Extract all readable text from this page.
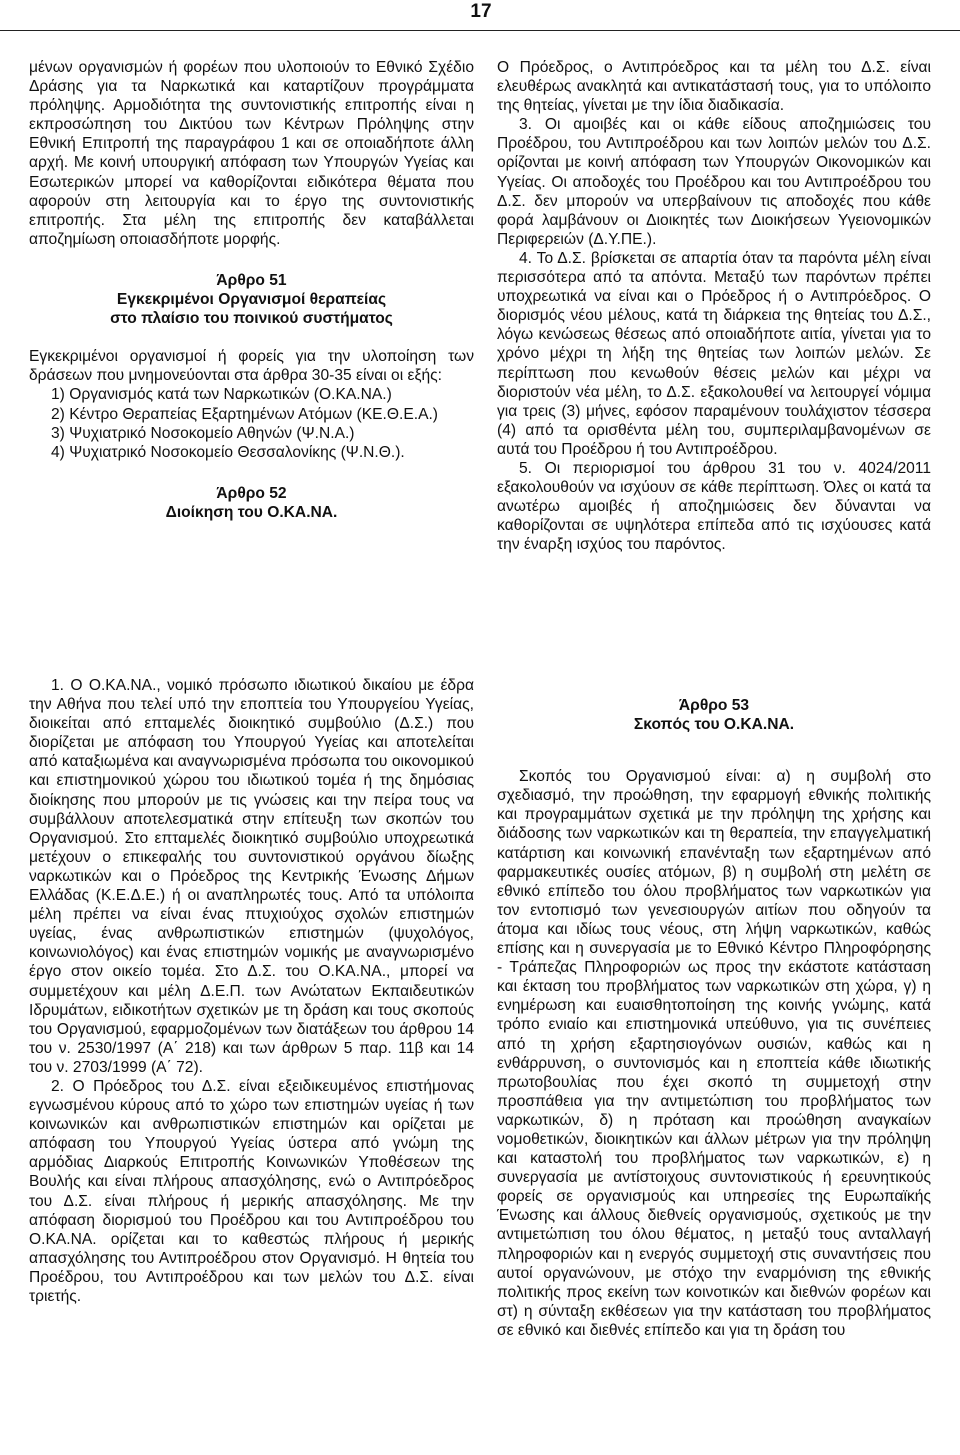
17

μένων οργανισμών ή φορέων που υλοποιούν το Εθνικό Σχέδιο Δράσης για τα Ναρκωτικά και καταρτίζουν προγράμματα πρόληψης. Αρμοδιότητα της συντονιστικής επιτροπής είναι η εκπροσώπηση του Δικτύου των Κέντρων Πρόληψης στην Εθνική Επιτροπή της παραγράφου 1 και σε οποιαδήποτε άλλη αρχή. Με κοινή υπουργική απόφαση των Υπουργών Υγείας και Εσωτερικών μπορεί να καθορίζονται ειδικότερα θέματα που αφορούν στη λειτουργία και το έργο της συντονιστικής επιτροπής. Στα μέλη της επιτροπής δεν καταβάλλεται αποζημίωση οποιασδήποτε μορφής.

Άρθρο 51

Εγκεκριμένοι Οργανισμοί θεραπείας

στο πλαίσιο του ποινικού συστήματος

Εγκεκριμένοι οργανισμοί ή φορείς για την υλοποίηση των δράσεων που μνημονεύονται στα άρθρα 30-35 είναι οι εξής:

1) Οργανισμός κατά των Ναρκωτικών (Ο.ΚΑ.ΝΑ.)

2) Κέντρο Θεραπείας Εξαρτημένων Ατόμων (ΚΕ.Θ.Ε.Α.)

3) Ψυχιατρικό Νοσοκομείο Αθηνών (Ψ.Ν.Α.)

4) Ψυχιατρικό Νοσοκομείο Θεσσαλονίκης (Ψ.Ν.Θ.).

Άρθρο 52

Διοίκηση του Ο.ΚΑ.ΝΑ.

Ο Πρόεδρος, ο Αντιπρόεδρος και τα μέλη του Δ.Σ. είναι ελευθέρως ανακλητά και αντικατάστασή τους, για το υπόλοιπο της θητείας, γίνεται με την ίδια διαδικασία.

3. Οι αμοιβές και οι κάθε είδους αποζημιώσεις του Προέδρου, του Αντιπροέδρου και των λοιπών μελών του Δ.Σ. ορίζονται με κοινή απόφαση των Υπουργών Οικονομικών και Υγείας. Οι αποδοχές του Προέδρου και του Αντιπροέδρου του Δ.Σ. δεν μπορούν να υπερβαίνουν τις αποδοχές που κάθε φορά λαμβάνουν οι Διοικητές των Διοικήσεων Υγειονομικών Περιφερειών (Δ.Υ.ΠΕ.).

4. Το Δ.Σ. βρίσκεται σε απαρτία όταν τα παρόντα μέλη είναι περισσότερα από τα απόντα. Μεταξύ των παρόντων πρέπει υποχρεωτικά να είναι και ο Πρόεδρος ή ο Αντιπρόεδρος. Ο διορισμός νέου μέλους, κατά τη διάρκεια της θητείας του Δ.Σ., λόγω κενώσεως θέσεως από οποιαδήποτε αιτία, γίνεται για το χρόνο μέχρι τη λήξη της θητείας των λοιπών μελών. Σε περίπτωση που κενωθούν θέσεις μελών και μέχρι να διοριστούν νέα μέλη, το Δ.Σ. εξακολουθεί να λειτουργεί νόμιμα για τρεις (3) μήνες, εφόσον παραμένουν τουλάχιστον τέσσερα (4) από τα ορισθέντα μέλη του, συμπεριλαμβανομένων σε αυτά του Προέδρου ή του Αντιπροέδρου.

5. Οι περιορισμοί του άρθρου 31 του ν. 4024/2011 εξακολουθούν να ισχύουν σε κάθε περίπτωση. Όλες οι κατά τα ανωτέρω αμοιβές ή αποζημιώσεις δεν δύνανται να καθορίζονται σε υψηλότερα επίπεδα από τις ισχύουσες κατά την έναρξη ισχύος του παρόντος.

1. Ο Ο.ΚΑ.ΝΑ., νομικό πρόσωπο ιδιωτικού δικαίου με έδρα την Αθήνα που τελεί υπό την εποπτεία του Υπουργείου Υγείας, διοικείται από επταμελές διοικητικό συμβούλιο (Δ.Σ.) που διορίζεται με απόφαση του Υπουργού Υγείας και αποτελείται από καταξιωμένα και αναγνωρισμένα πρόσωπα του οικονομικού και επιστημονικού χώρου του ιδιωτικού τομέα ή της δημόσιας διοίκησης που μπορούν με τις γνώσεις και την πείρα τους να συμβάλλουν αποτελεσματικά στην επίτευξη των σκοπών του Οργανισμού. Στο επταμελές διοικητικό συμβούλιο υποχρεωτικά μετέχουν ο επικεφαλής του συντονιστικού οργάνου δίωξης ναρκωτικών και ο Πρόεδρος της Κεντρικής Ένωσης Δήμων Ελλάδας (Κ.Ε.Δ.Ε.) ή οι αναπληρωτές τους. Από τα υπόλοιπα μέλη πρέπει να είναι ένας πτυχιούχος σχολών επιστημών υγείας, ένας ανθρωπιστικών επιστημών (ψυχολόγος, κοινωνιολόγος) και ένας επιστημών νομικής με αναγνωρισμένο έργο στον οικείο τομέα. Στο Δ.Σ. του Ο.ΚΑ.ΝΑ., μπορεί να συμμετέχουν και μέλη Δ.Ε.Π. των Ανώτατων Εκπαιδευτικών Ιδρυμάτων, ειδικοτήτων σχετικών με τη δράση και τους σκοπούς του Οργανισμού, εφαρμοζομένων των διατάξεων του άρθρου 14 του ν. 2530/1997 (Α΄ 218) και των άρθρων 5 παρ. 11β και 14 του ν. 2703/1999 (Α΄ 72).

2. Ο Πρόεδρος του Δ.Σ. είναι εξειδικευμένος επιστήμονας εγνωσμένου κύρους από το χώρο των επιστημών υγείας ή των κοινωνικών και ανθρωπιστικών επιστημών και ορίζεται με απόφαση του Υπουργού Υγείας ύστερα από γνώμη της αρμόδιας Διαρκούς Επιτροπής Κοινωνικών Υποθέσεων της Βουλής και είναι πλήρους απασχόλησης, ενώ ο Αντιπρόεδρος του Δ.Σ. είναι πλήρους ή μερικής απασχόλησης. Με την απόφαση διορισμού του Προέδρου και του Αντιπροέδρου του Ο.ΚΑ.ΝΑ. ορίζεται και το καθεστώς πλήρους ή μερικής απασχόλησης του Αντιπροέδρου στον Οργανισμό. Η θητεία του Προέδρου, του Αντιπροέδρου και των μελών του Δ.Σ. είναι τριετής.

Άρθρο 53

Σκοπός του Ο.ΚΑ.ΝΑ.

Σκοπός του Οργανισμού είναι: α) η συμβολή στο σχεδιασμό, την προώθηση, την εφαρμογή εθνικής πολιτικής και προγραμμάτων σχετικά με την πρόληψη της χρήσης και διάδοσης των ναρκωτικών και τη θεραπεία, την επαγγελματική κατάρτιση και κοινωνική επανένταξη των εξαρτημένων από φαρμακευτικές ουσίες ατόμων, β) η συμβολή στη μελέτη σε εθνικό επίπεδο του όλου προβλήματος των ναρκωτικών για τον εντοπισμό των γενεσιουργών αιτίων που οδηγούν τα άτομα και ιδίως τους νέους, στη λήψη ναρκωτικών, καθώς επίσης και η συνεργασία με το Εθνικό Κέντρο Πληροφόρησης - Τράπεζας Πληροφοριών ως προς την εκάστοτε κατάσταση και έκταση του προβλήματος των ναρκωτικών στη χώρα, γ) η ενημέρωση και ευαισθητοποίηση της κοινής γνώμης, κατά τρόπο ενιαίο και επιστημονικά υπεύθυνο, για τις συνέπειες από τη χρήση εξαρτησιογόνων ουσιών, καθώς και η ενθάρρυνση, ο συντονισμός και η εποπτεία κάθε ιδιωτικής πρωτοβουλίας που έχει σκοπό τη συμμετοχή στην προσπάθεια για την αντιμετώπιση του προβλήματος των ναρκωτικών, δ) η πρόταση και προώθηση αναγκαίων νομοθετικών, διοικητικών και άλλων μέτρων για την πρόληψη και καταστολή του προβλήματος των ναρκωτικών, ε) η συνεργασία με αντίστοιχους συντονιστικούς ή ερευνητικούς φορείς σε οργανισμούς και υπηρεσίες της Ευρωπαϊκής Ένωσης και άλλους διεθνείς οργανισμούς, σχετικούς με την αντιμετώπιση του όλου θέματος, η μεταξύ τους ανταλλαγή πληροφοριών και η ενεργός συμμετοχή στις συναντήσεις που αυτοί οργανώνουν, με στόχο την εναρμόνιση της εθνικής πολιτικής προς εκείνη των κοινοτικών και διεθνών φορέων και στ) η σύνταξη εκθέσεων για την κατάσταση του προβλήματος σε εθνικό και διεθνές επίπεδο και για τη δράση του
